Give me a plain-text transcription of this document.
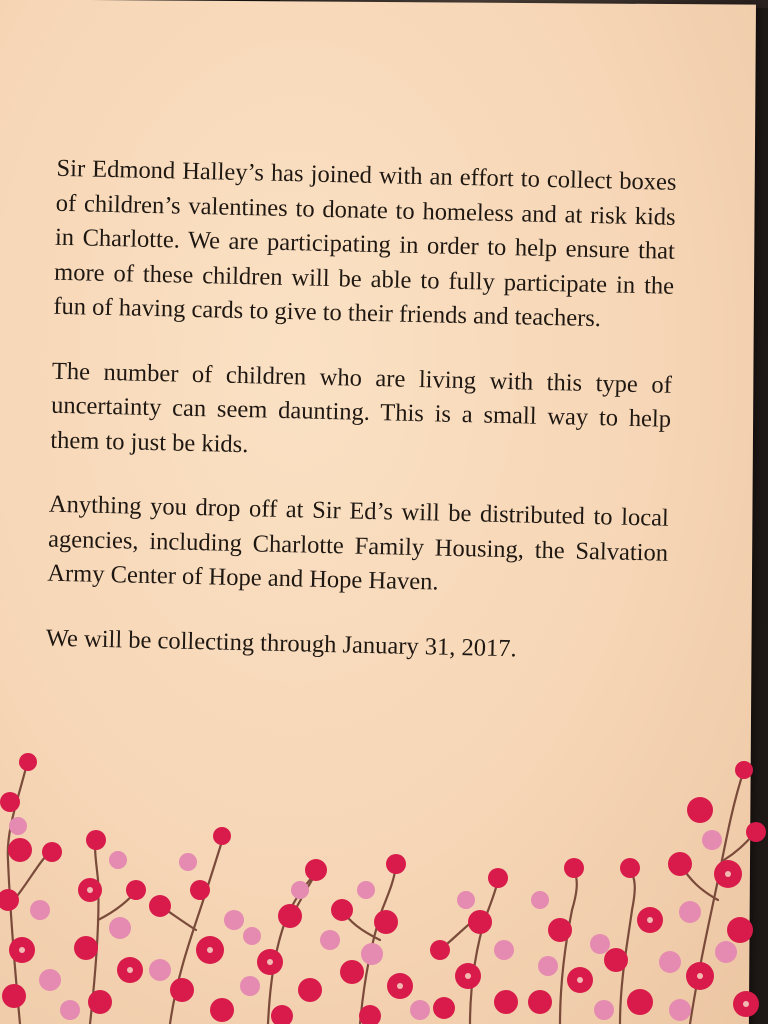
Sir Edmond Halley’s has joined with an effort to collect boxes of children’s valentines to donate to homeless and at risk kids in Charlotte. We are participating in order to help ensure that more of these children will be able to fully participate in the fun of having cards to give to their friends and teachers.

The number of children who are living with this type of uncertainty can seem daunting. This is a small way to help them to just be kids.

Anything you drop off at Sir Ed’s will be distributed to local agencies, including Charlotte Family Housing, the Salvation Army Center of Hope and Hope Haven.

We will be collecting through January 31, 2017.
